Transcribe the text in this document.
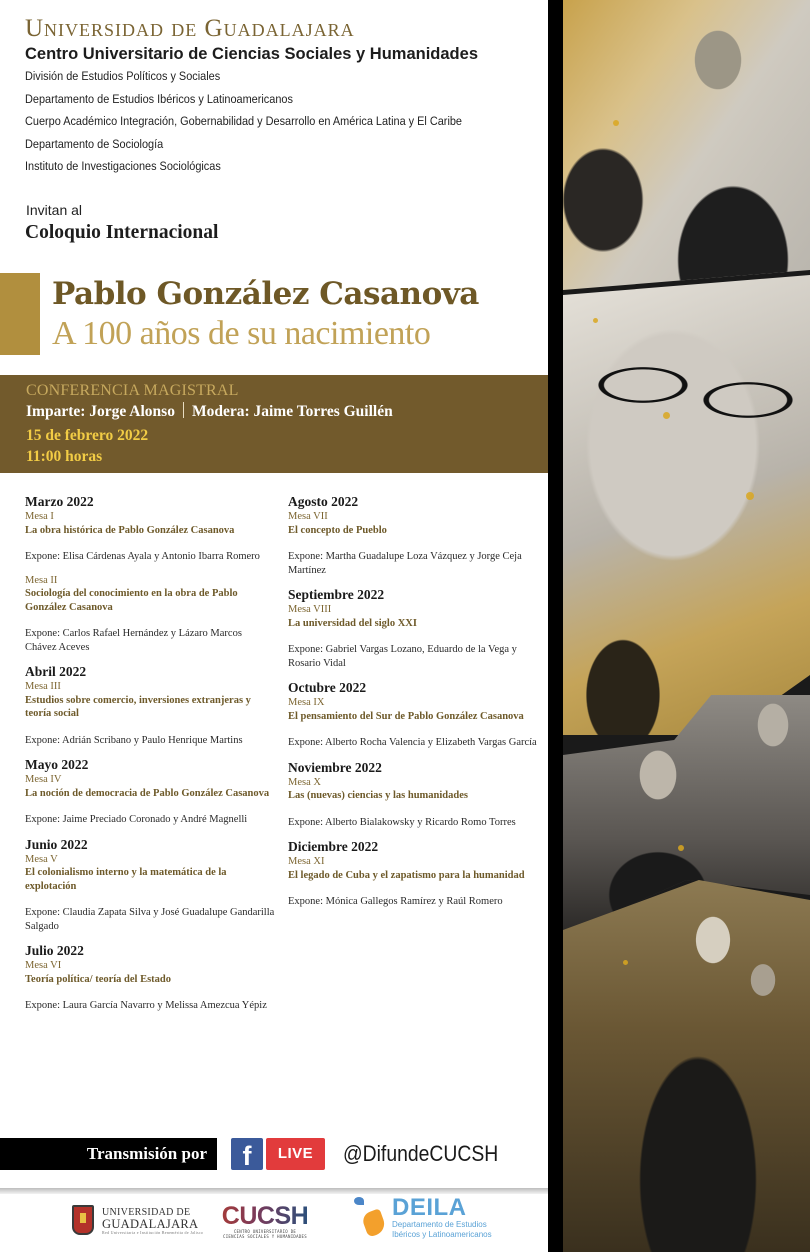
Universidad de Guadalajara
Centro Universitario de Ciencias Sociales y Humanidades
División de Estudios Políticos y Sociales
Departamento de Estudios Ibéricos y Latinoamericanos
Cuerpo Académico Integración, Gobernabilidad y Desarrollo en América Latina y El Caribe
Departamento de Sociología
Instituto de Investigaciones Sociológicas
Invitan al
Coloquio Internacional
Pablo González Casanova
A 100 años de su nacimiento
CONFERENCIA MAGISTRAL
Imparte: Jorge Alonso Modera: Jaime Torres Guillén
15 de febrero 2022
11:00 horas
Marzo 2022
Mesa I
La obra histórica de Pablo González Casanova
Expone: Elisa Cárdenas Ayala y Antonio Ibarra Romero
Mesa II
Sociología del conocimiento en la obra de Pablo González Casanova
Expone: Carlos Rafael Hernández y Lázaro Marcos Chávez Aceves
Abril 2022
Mesa III
Estudios sobre comercio, inversiones extranjeras y teoría social
Expone: Adrián Scribano y Paulo Henrique Martins
Mayo 2022
Mesa IV
La noción de democracia de Pablo González Casanova
Expone: Jaime Preciado Coronado y André Magnelli
Junio 2022
Mesa V
El colonialismo interno y la matemática de la explotación
Expone: Claudia Zapata Silva y José Guadalupe Gandarilla Salgado
Julio 2022
Mesa VI
Teoría política/ teoría del Estado
Expone: Laura García Navarro y Melissa Amezcua Yépiz
Agosto 2022
Mesa VII
El concepto de Pueblo
Expone: Martha Guadalupe Loza Vázquez y Jorge Ceja Martínez
Septiembre 2022
Mesa VIII
La universidad del siglo XXI
Expone: Gabriel Vargas Lozano, Eduardo de la Vega y Rosario Vidal
Octubre 2022
Mesa IX
El pensamiento del Sur de Pablo González Casanova
Expone: Alberto Rocha Valencia y Elizabeth Vargas García
Noviembre 2022
Mesa X
Las (nuevas) ciencias y las humanidades
Expone: Alberto Bialakowsky y Ricardo Romo Torres
Diciembre 2022
Mesa XI
El legado de Cuba y el zapatismo para la humanidad
Expone: Mónica Gallegos Ramírez y Raúl Romero
Transmisión por	f	LIVE	@DifundeCUCSH
UNIVERSIDAD DE
GUADALAJARA
Red Universitaria e Institución Benemérita de Jalisco
CUCSH
CENTRO UNIVERSITARIO DE
CIENCIAS SOCIALES Y HUMANIDADES
DEILA
Departamento de Estudios
Ibéricos y Latinoamericanos
